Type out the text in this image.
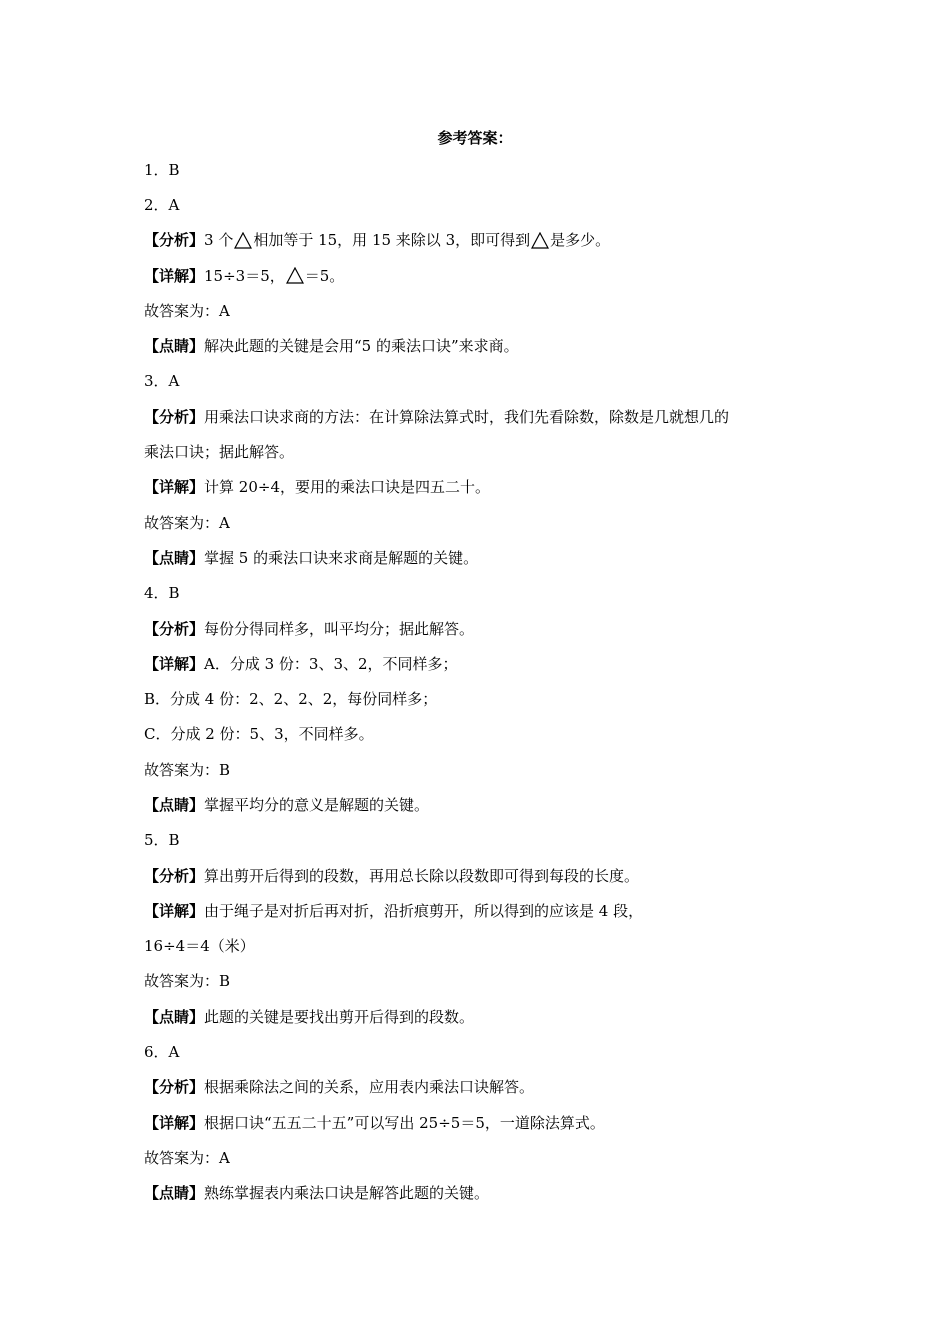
参考答案：
1．B
2．A
【分析】 3 个 相加等于 15，用 15 来除以 3，即可得到 是多少。
【详解】 15÷3＝5， ＝5。
故答案为：A
【点睛】 解决此题的关键是会用“5 的乘法口诀”来求商。
3．A
【分析】 用乘法口诀求商的方法：在计算除法算式时，我们先看除数，除数是几就想几的
乘法口诀；据此解答。
【详解】 计算 20÷4，要用的乘法口诀是四五二十。
故答案为：A
【点睛】 掌握 5 的乘法口诀来求商是解题的关键。
4．B
【分析】 每份分得同样多，叫平均分；据此解答。
【详解】 A．分成 3 份：3、3、2，不同样多；
B．分成 4 份：2、2、2、2，每份同样多；
C．分成 2 份：5、3，不同样多。
故答案为：B
【点睛】 掌握平均分的意义是解题的关键。
5．B
【分析】 算出剪开后得到的段数，再用总长除以段数即可得到每段的长度。
【详解】 由于绳子是对折后再对折，沿折痕剪开，所以得到的应该是 4 段，
16÷4＝4（米）
故答案为：B
【点睛】 此题的关键是要找出剪开后得到的段数。
6．A
【分析】 根据乘除法之间的关系，应用表内乘法口诀解答。
【详解】 根据口诀“五五二十五”可以写出 25÷5＝5，一道除法算式。
故答案为：A
【点睛】 熟练掌握表内乘法口诀是解答此题的关键。
